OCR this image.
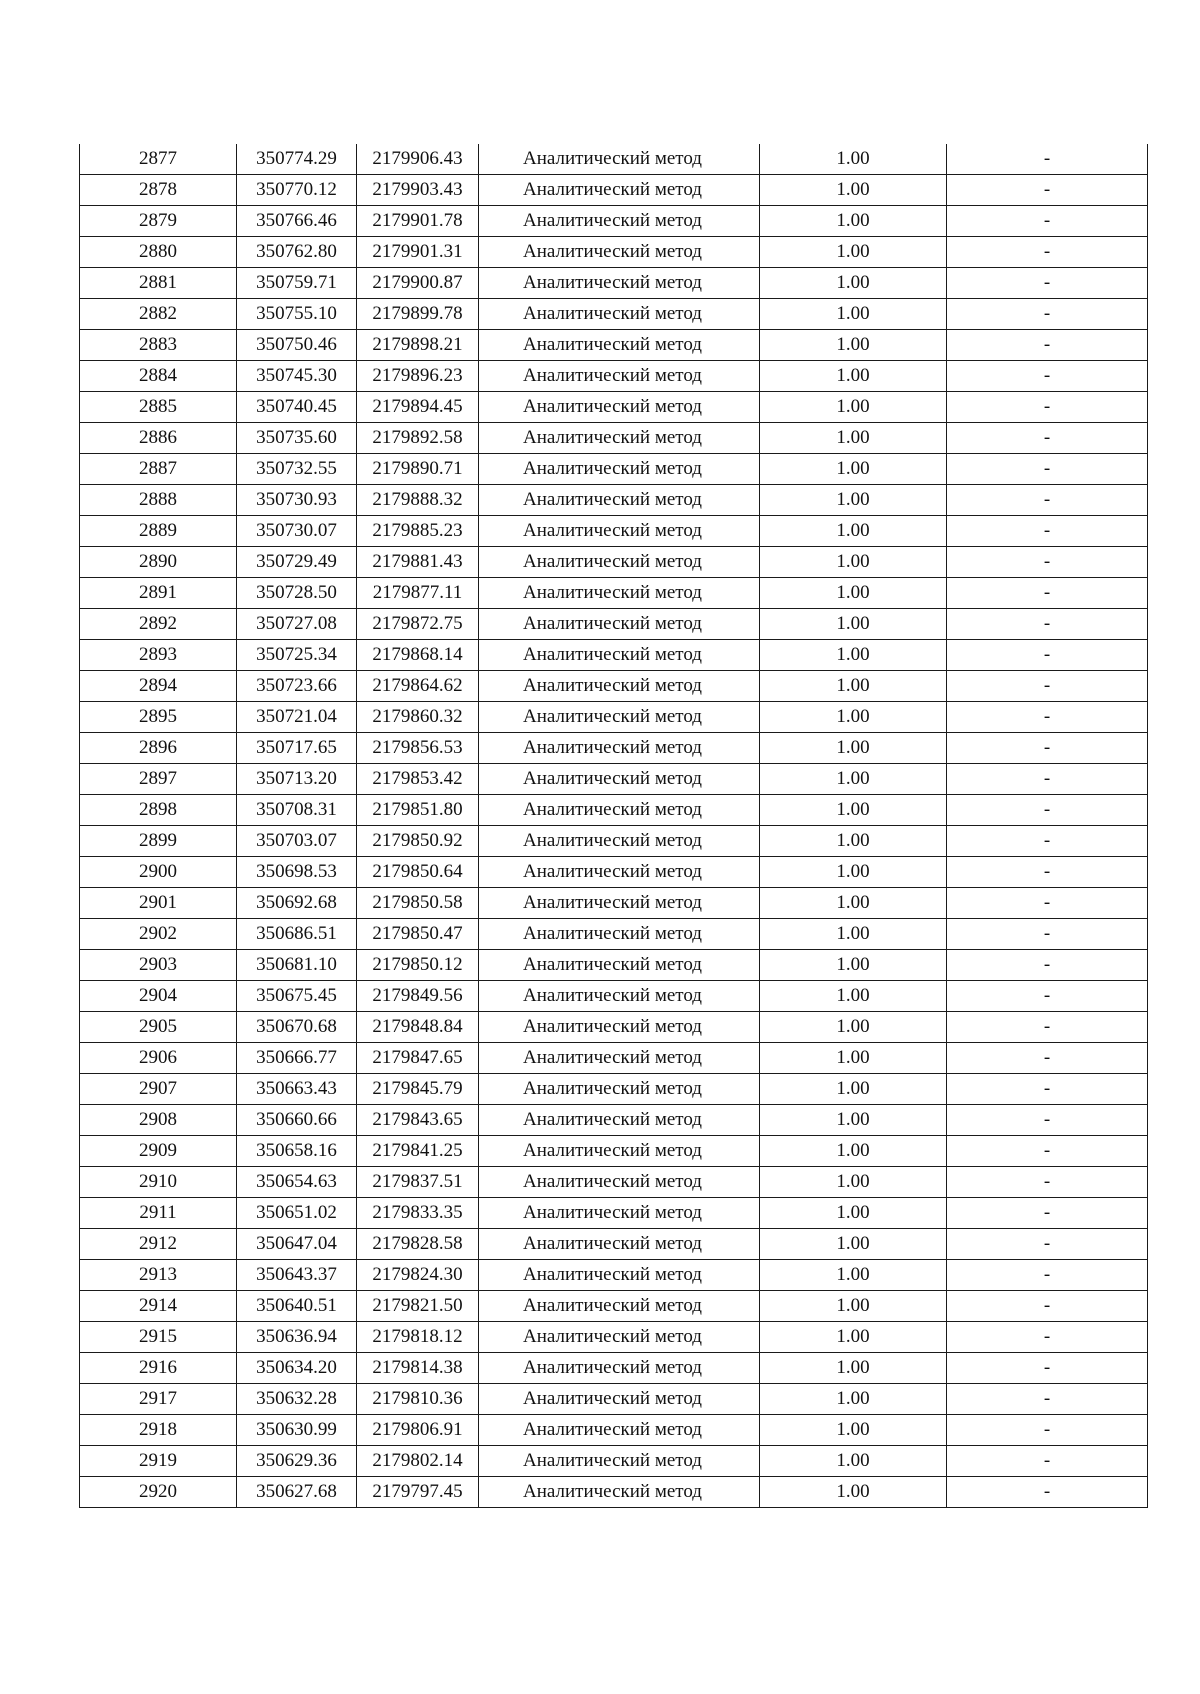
2877	350774.29	2179906.43	Аналитический метод	1.00	-
2878	350770.12	2179903.43	Аналитический метод	1.00	-
2879	350766.46	2179901.78	Аналитический метод	1.00	-
2880	350762.80	2179901.31	Аналитический метод	1.00	-
2881	350759.71	2179900.87	Аналитический метод	1.00	-
2882	350755.10	2179899.78	Аналитический метод	1.00	-
2883	350750.46	2179898.21	Аналитический метод	1.00	-
2884	350745.30	2179896.23	Аналитический метод	1.00	-
2885	350740.45	2179894.45	Аналитический метод	1.00	-
2886	350735.60	2179892.58	Аналитический метод	1.00	-
2887	350732.55	2179890.71	Аналитический метод	1.00	-
2888	350730.93	2179888.32	Аналитический метод	1.00	-
2889	350730.07	2179885.23	Аналитический метод	1.00	-
2890	350729.49	2179881.43	Аналитический метод	1.00	-
2891	350728.50	2179877.11	Аналитический метод	1.00	-
2892	350727.08	2179872.75	Аналитический метод	1.00	-
2893	350725.34	2179868.14	Аналитический метод	1.00	-
2894	350723.66	2179864.62	Аналитический метод	1.00	-
2895	350721.04	2179860.32	Аналитический метод	1.00	-
2896	350717.65	2179856.53	Аналитический метод	1.00	-
2897	350713.20	2179853.42	Аналитический метод	1.00	-
2898	350708.31	2179851.80	Аналитический метод	1.00	-
2899	350703.07	2179850.92	Аналитический метод	1.00	-
2900	350698.53	2179850.64	Аналитический метод	1.00	-
2901	350692.68	2179850.58	Аналитический метод	1.00	-
2902	350686.51	2179850.47	Аналитический метод	1.00	-
2903	350681.10	2179850.12	Аналитический метод	1.00	-
2904	350675.45	2179849.56	Аналитический метод	1.00	-
2905	350670.68	2179848.84	Аналитический метод	1.00	-
2906	350666.77	2179847.65	Аналитический метод	1.00	-
2907	350663.43	2179845.79	Аналитический метод	1.00	-
2908	350660.66	2179843.65	Аналитический метод	1.00	-
2909	350658.16	2179841.25	Аналитический метод	1.00	-
2910	350654.63	2179837.51	Аналитический метод	1.00	-
2911	350651.02	2179833.35	Аналитический метод	1.00	-
2912	350647.04	2179828.58	Аналитический метод	1.00	-
2913	350643.37	2179824.30	Аналитический метод	1.00	-
2914	350640.51	2179821.50	Аналитический метод	1.00	-
2915	350636.94	2179818.12	Аналитический метод	1.00	-
2916	350634.20	2179814.38	Аналитический метод	1.00	-
2917	350632.28	2179810.36	Аналитический метод	1.00	-
2918	350630.99	2179806.91	Аналитический метод	1.00	-
2919	350629.36	2179802.14	Аналитический метод	1.00	-
2920	350627.68	2179797.45	Аналитический метод	1.00	-
